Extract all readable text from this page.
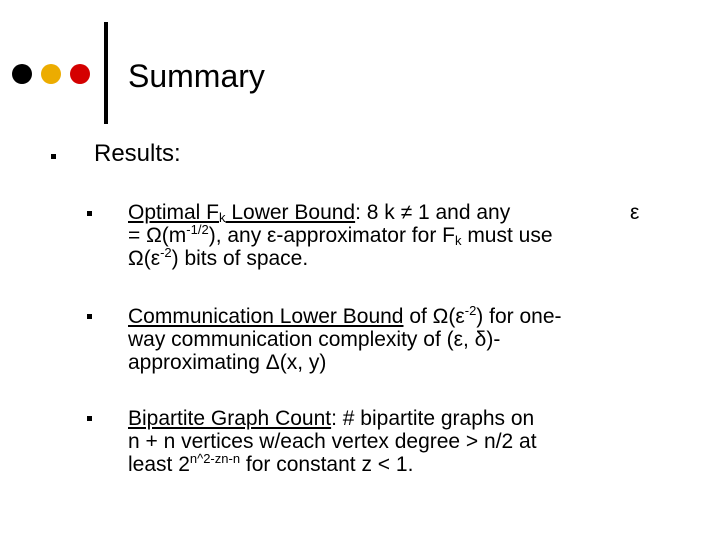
Summary
Results:
Optimal $F_k$ Lower Bound: 8 k ≠ 1 and any
= $\Omega(m^{-1/2})$, any ε-approximator for $F_k$ must use
$\Omega(\varepsilon^{-2})$ bits of space.
ε
Communication Lower Bound of $\Omega(\varepsilon^{-2})$ for one-
way communication complexity of (ε, δ)-
approximating Δ(x, y)
Bipartite Graph Count: # bipartite graphs on
n + n vertices w/each vertex degree > n/2 at
least $2^{n\^{}2-zn-n}$ for constant z < 1.
